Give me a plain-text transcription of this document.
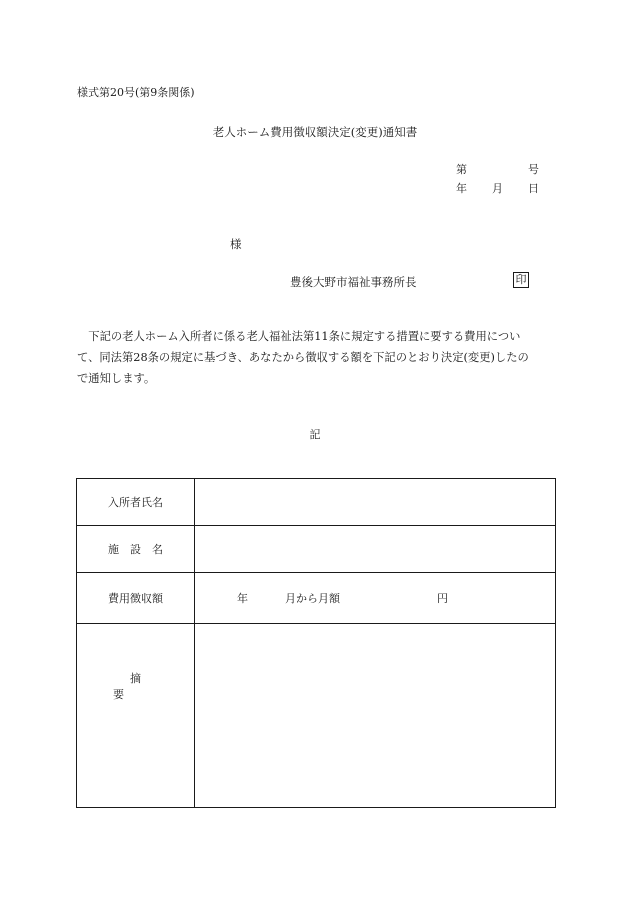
様式第20号(第9条関係)
老人ホーム費用徴収額決定(変更)通知書
第	号
年 月 日
様
豊後大野市福祉事務所長	印
　下記の老人ホーム入所者に係る老人福祉法第11条に規定する措置に要する費用につい
て、同法第28条の規定に基づき、あなたから徴収する額を下記のとおり決定(変更)したの
で通知します。
記
入所者氏名	
施設名	
費用徴収額	年 月から月額 円

摘要	
